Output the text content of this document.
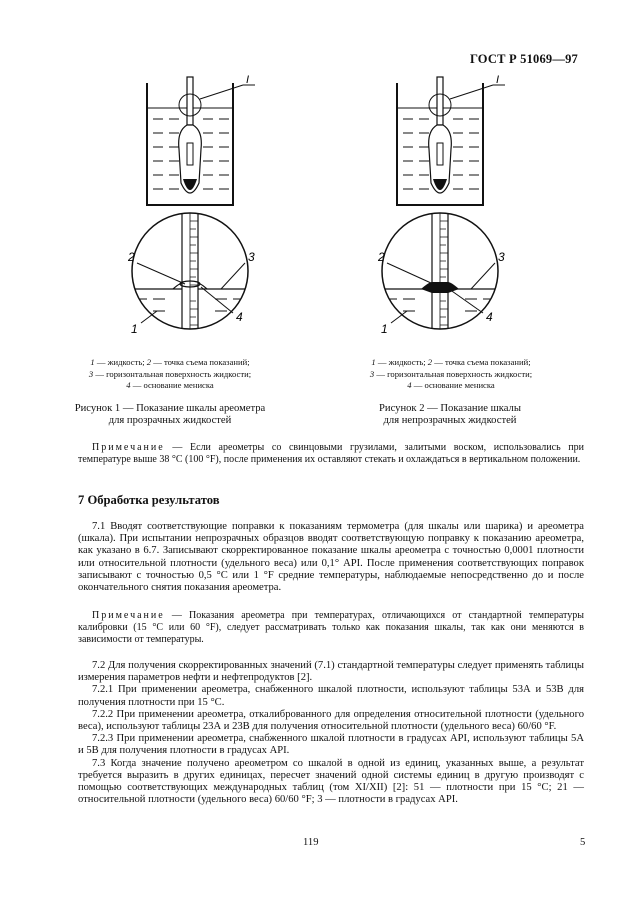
ГОСТ Р 51069—97
I
2	3
4
1
1 — жидкость; 2 — точка съема показаний;
3 — горизонтальная поверхность жидкости;
4 — основание мениска
Рисунок 1 — Показание шкалы ареометра
для прозрачных жидкостей
I
2	3
4
1
1 — жидкость; 2 — точка съема показаний;
3 — горизонтальная поверхность жидкости;
4 — основание мениска
Рисунок 2 — Показание шкалы
для непрозрачных жидкостей

Примечание — Если ареометры со свинцовыми грузилами, залитыми воском, использовались при температуре выше 38 °С (100 °F), после применения их оставляют стекать и охлаждаться в вертикальном положении.

7 Обработка результатов

7.1 Вводят соответствующие поправки к показаниям термометра (для шкалы или шарика) и ареометра (шкала). При испытании непрозрачных образцов вводят соответствующую поправку к показанию ареометра, как указано в 6.7. Записывают скорректированное показание шкалы ареометра с точностью 0,0001 плотности или относительной плотности (удельного веса) или 0,1° API. После применения соответствующих поправок записывают с точностью 0,5 °С или 1 °F средние температуры, наблюдаемые непосредственно до и после окончательного снятия показания ареометра.

Примечание — Показания ареометра при температурах, отличающихся от стандартной температуры калибровки (15 °С или 60 °F), следует рассматривать только как показания шкалы, так как они меняются в зависимости от температуры.

7.2 Для получения скорректированных значений (7.1) стандартной температуры следует применять таблицы измерения параметров нефти и нефтепродуктов [2].

7.2.1 При применении ареометра, снабженного шкалой плотности, используют таблицы 53А и 53В для получения плотности при 15 °С.

7.2.2 При применении ареометра, откалиброванного для определения относительной плотности (удельного веса), используют таблицы 23А и 23В для получения относительной плотности (удельного веса) 60/60 °F.

7.2.3 При применении ареометра, снабженного шкалой плотности в градусах API, используют таблицы 5А и 5В для получения плотности в градусах API.

7.3 Когда значение получено ареометром со шкалой в одной из единиц, указанных выше, а результат требуется выразить в других единицах, пересчет значений одной системы единиц в другую производят с помощью соответствующих международных таблиц (том XI/XII) [2]: 51 — плотности при 15 °С; 21 — относительной плотности (удельного веса) 60/60 °F; 3 — плотности в градусах API.

119	5
